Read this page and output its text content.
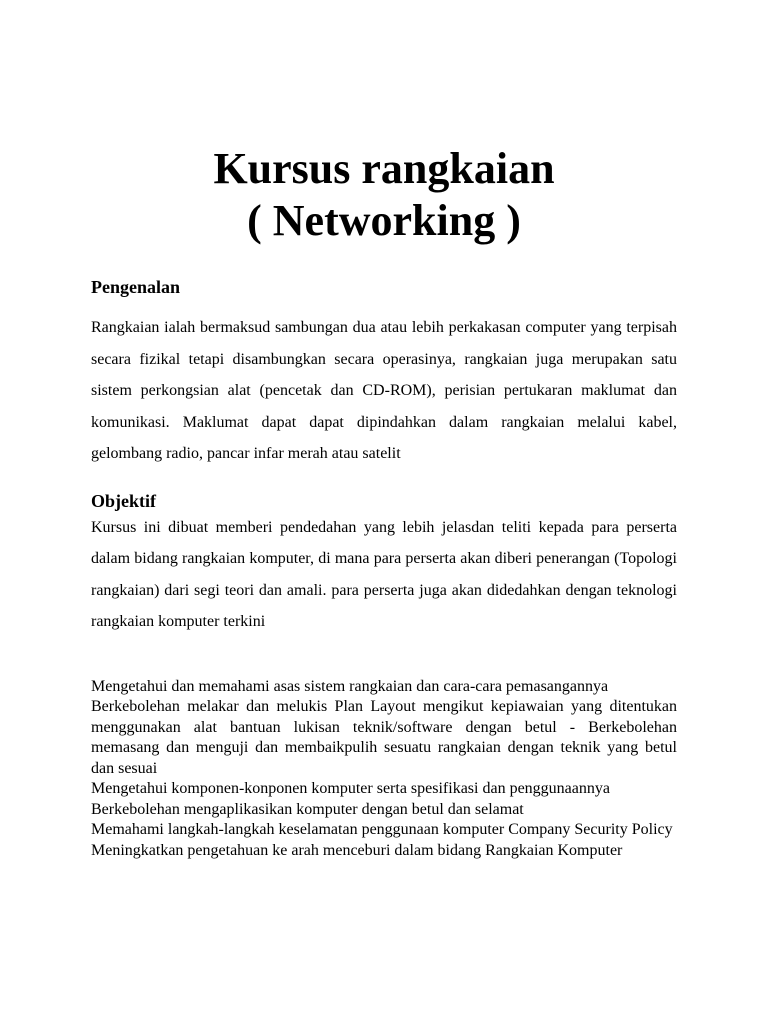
Kursus rangkaian
( Networking )
Pengenalan

Rangkaian ialah bermaksud sambungan dua atau lebih perkakasan computer yang terpisah secara fizikal tetapi disambungkan secara operasinya, rangkaian juga merupakan satu sistem perkongsian alat (pencetak dan CD-ROM), perisian pertukaran maklumat dan komunikasi. Maklumat dapat dapat dipindahkan dalam rangkaian melalui kabel, gelombang radio, pancar infar merah atau satelit

Objektif

Kursus ini dibuat memberi pendedahan yang lebih jelasdan teliti kepada para perserta dalam bidang rangkaian komputer, di mana para perserta akan diberi penerangan (Topologi rangkaian) dari segi teori dan amali. para perserta juga akan didedahkan dengan teknologi rangkaian komputer terkini

Mengetahui dan memahami asas sistem rangkaian dan cara-cara pemasangannya
Berkebolehan melakar dan melukis Plan Layout mengikut kepiawaian yang ditentukan menggunakan alat bantuan lukisan teknik/software dengan betul - Berkebolehan memasang dan menguji dan membaikpulih sesuatu rangkaian dengan teknik yang betul dan sesuai
Mengetahui komponen-konponen komputer serta spesifikasi dan penggunaannya
Berkebolehan mengaplikasikan komputer dengan betul dan selamat
Memahami langkah-langkah keselamatan penggunaan komputer Company Security Policy
Meningkatkan pengetahuan ke arah menceburi dalam bidang Rangkaian Komputer
